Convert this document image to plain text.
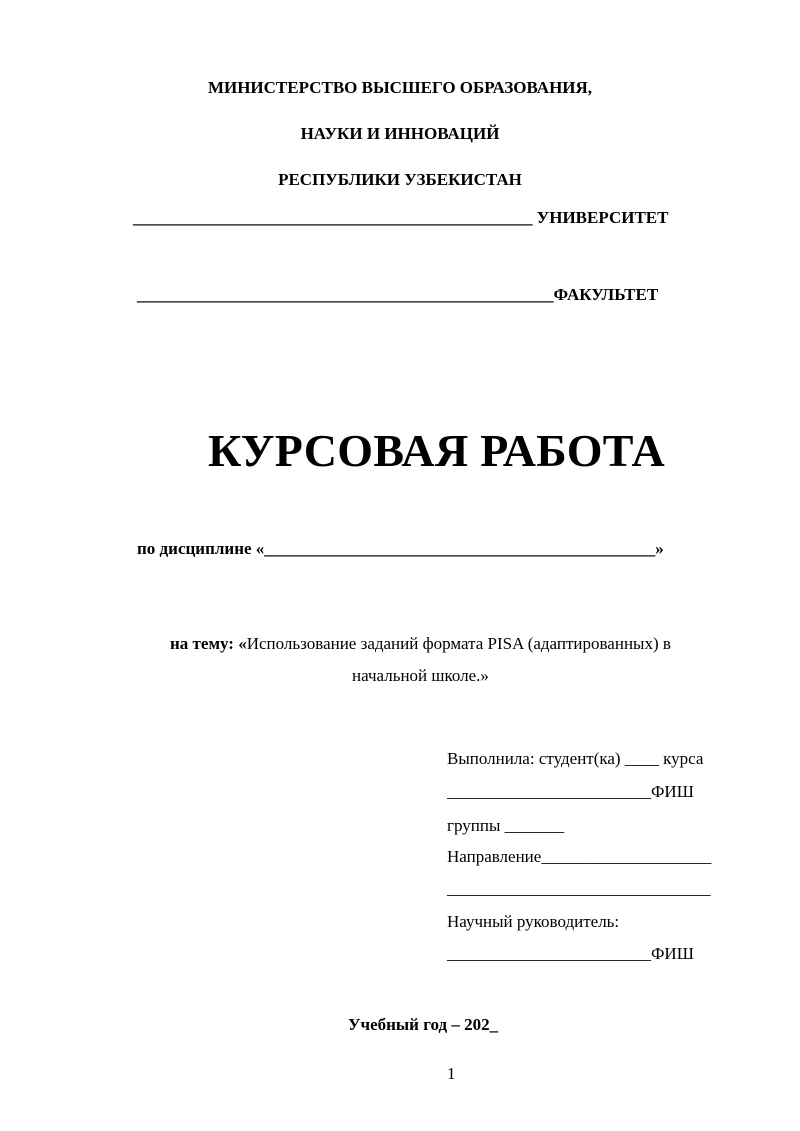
МИНИСТЕРСТВО ВЫСШЕГО ОБРАЗОВАНИЯ,
НАУКИ И ИННОВАЦИЙ
РЕСПУБЛИКИ УЗБЕКИСТАН
_______________________________________________ УНИВЕРСИТЕТ
_________________________________________________ФАКУЛЬТЕТ
КУРСОВАЯ РАБОТА
по дисциплине «______________________________________________»
на тему: «Использование заданий формата PISA (адаптированных) в
начальной школе.»
Выполнила: студент(ка) ____ курса
________________________ФИШ
группы _______
Направление____________________
_______________________________
Научный руководитель:
________________________ФИШ
Учебный год – 202_
1
